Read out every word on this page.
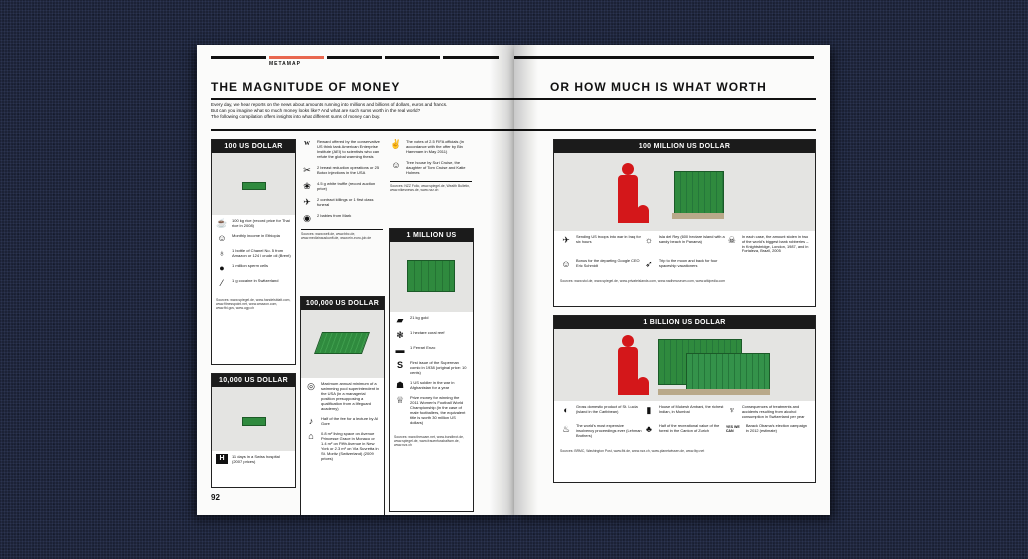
METAMAP
THE MAGNITUDE OF MONEY
Every day, we hear reports on the news about amounts running into millions and billions of dollars, euros and francs.
But can you imagine what so much money looks like? And what are such sums worth in the real world?
The following compilation offers insights into what different sums of money can buy.
100 US DOLLAR
☕ 100 kg rice (record price for Thai rice in 2008)
☺	Monthly income in Ethiopia
♁	1 bottle of Chanel No. 5 from Amazon or 124 l crude oil (Brent)
●	1 million sperm cells
⁄	1 g cocaine in Switzerland
Sources: www.spiegel.de, www.handelsblatt.com, www.fitnesspoint.net, www.amazon.com, www.fbi.gov, www.ugp.ch
10,000 US DOLLAR
H	11 days in a Swiss hospital (2007 prices)
W	Reward offered by the conservative US think tank American Enterprise Institute (AEI) to scientists who can refute the global warming thesis
✂	2 breast reduction operations or 25 Botox injections in the USA
❀	4.5 g white truffle (record auction price)
✈	2 contract killings or 1 first class funeral
◉	2 babies from Mark
Sources: www.welt.de, www.bbc.de, www.medizinauskunft.de, www.ein-euro-job.de
100,000 US DOLLAR
◎	Maximum annual minimum of a swimming pool superintendent in the USA (in a managerial position presupposing a qualification from a lifeguard academy)
♪	Half of the fee for a lecture by Al Gore
⌂	0.8 m² living space on Avenue Princesse Grace in Monaco or 1.4 m² on Fifth Avenue in New York or 2.3 m² on Via Suvretta in St. Moritz (Switzerland) (2009 prices)
✌ The votes of 2.5 FIFA officials (in accordance with the offer by Bin Hammam in May 2011)
☺	Tree house by Suri Cruise, the daughter of Tom Cruise and Katie Holmes
Sources: NZZ Folio, www.spiegel.de, Wealth Bulletin, www.nikesnews.de, www.nzz.ch
1 MILLION US
▰	21 kg gold
❃	1 hectare coral reef
▬	1 Ferrari Enzo
S	First issue of the Superman comic in 1938 (original price: 10 cents)
☗	1 US soldier in the war in Afghanistan for a year
♕	Prize money for winning the 2011 Women’s Football World Championship (in the case of male footballers, the equivalent title is worth 30 million US dollars)
Sources: www.thescam.net, www.bundbrot.de, www.spiegel.de, www.frauenfussballwm.de, www.nzz.ch
92
OR HOW MUCH IS WHAT WORTH
100 MILLION US DOLLAR
✈	Sending US troops into war in Iraq for six hours	☼	Isla del Rey (600 hectare island with a sandy beach in Panama)	☠	In each case, the amount stolen in two of the world’s biggest bank robberies – in Knightsbridge, London, 1987, and in Fortaleza, Brazil, 2005
☺	Bonus for the departing Google CEO Eric Schmidt	➶	Trip to the moon and back for four spaceship vacationers
Sources: www.stol.de, www.spiegel.de, www.privateislands.com, www.nadhmuseum.com, www.wikipedia.com
1 BILLION US DOLLAR
◐	Gross domestic product of St. Lucia (island in the Caribbean)	▮	House of Mukesh Ambani, the richest Indian, in Mumbai	♆	Consequences of treatments and accidents resulting from alcohol consumption in Switzerland per year
♨	The world’s most expensive insolvency proceedings ever (Lehman Brothers)
♣	Half of the recreational value of the forest in the Canton of Zurich
YES WE CAN
Barack Obama’s election campaign in 2012 (estimate)
Sources: BRMC, Washington Post, www.fbi.de, www.nzz.ch, www.planetwissen.de, www.lbp.net
